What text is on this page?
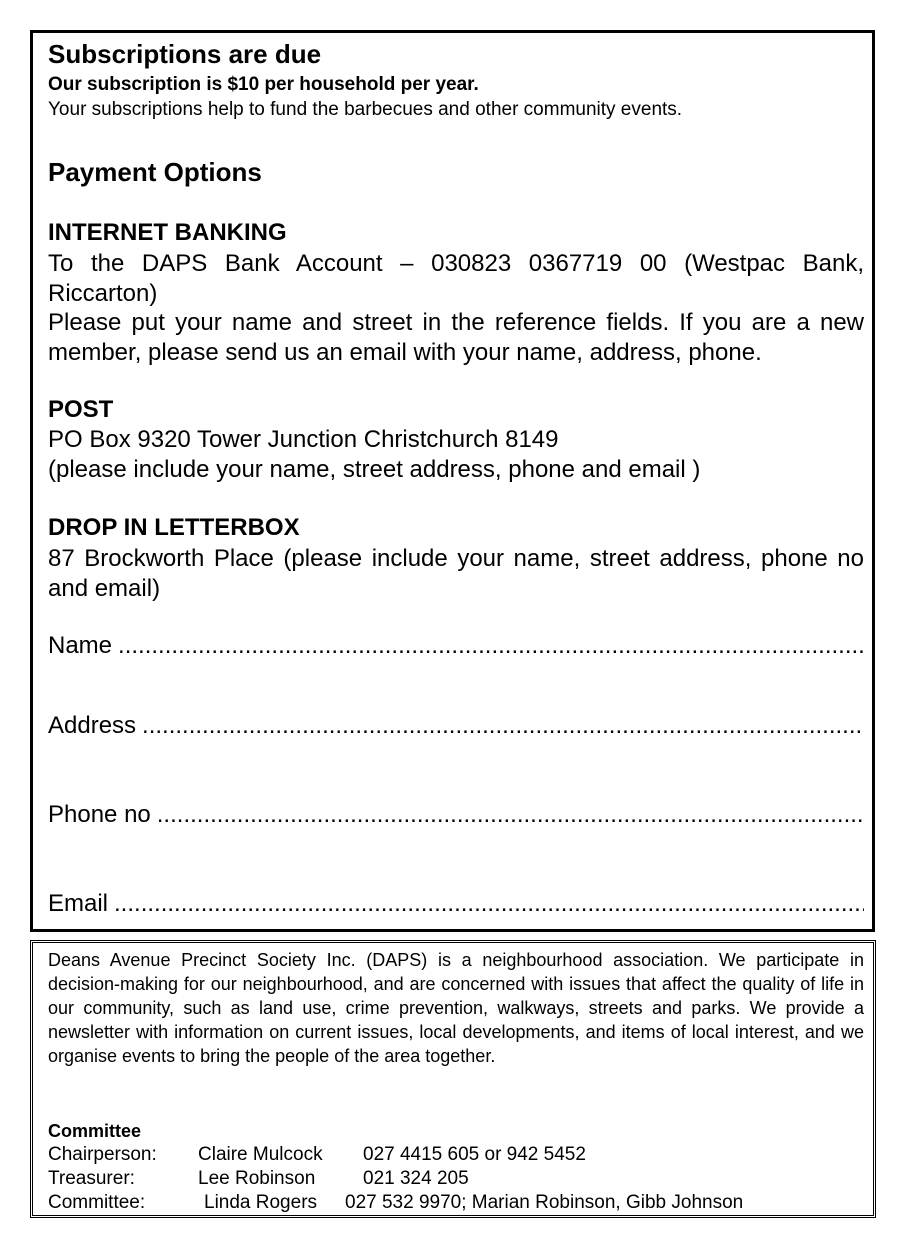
Subscriptions are due
Our subscription is $10 per household per year.
Your subscriptions help to fund the barbecues and other community events.
Payment Options
INTERNET BANKING
To the DAPS Bank Account – 030823 0367719 00 (Westpac Bank, Riccarton)
Please put your name and street in the reference fields. If you are a new member, please send us an email with your name, address, phone.
POST
PO Box 9320 Tower Junction Christchurch 8149
(please include your name, street address, phone and email )
DROP IN LETTERBOX
87 Brockworth Place (please include your name, street address, phone no and email)
Name
.....
Address
.....
Phone no
.....
Email
.....
Deans Avenue Precinct Society Inc. (DAPS) is a neighbourhood association. We participate in decision-making for our neighbourhood, and are concerned with issues that affect the quality of life in our community, such as land use, crime prevention, walkways, streets and parks. We provide a newsletter with information on current issues, local developments, and items of local interest, and we organise events to bring the people of the area together.
Committee
Chairperson: Claire Mulcock 027 4415 605 or 942 5452
Treasurer:	Lee Robinson	021 324 205
Committee:	Linda Rogers 027 532 9970; Marian Robinson, Gibb Johnson
